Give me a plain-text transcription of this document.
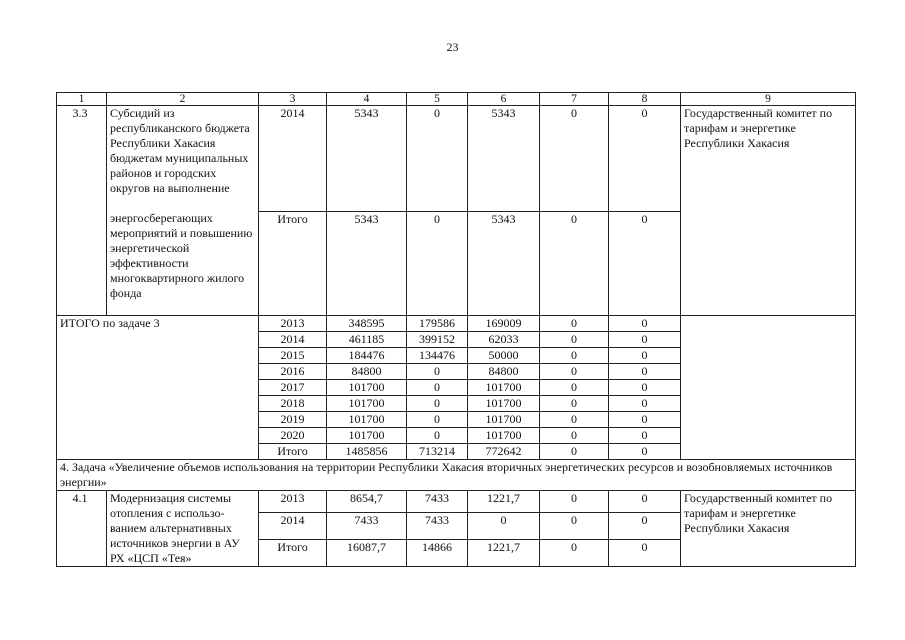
23
1	2	3	4	5	6	7	8	9
3.3	Субсидий из республиканского бюджета Республики Хакасия бюджетам муниципальных районов и городских округов на выполнение	2014	5343	0	5343	0	0	Государственный комитет по тарифам и энергетике Республики Хакасия
	энергосберегающих мероприятий и повышению энергетической эффективности многоквартирного жилого фонда	Итого	5343	0	5343	0	0	
ИТОГО по задаче 3		2013	348595	179586	169009	0	0	
		2014	461185	399152	62033	0	0	
		2015	184476	134476	50000	0	0	
		2016	84800	0	84800	0	0	
		2017	101700	0	101700	0	0	
		2018	101700	0	101700	0	0	
		2019	101700	0	101700	0	0	
		2020	101700	0	101700	0	0	
		Итого	1485856	713214	772642	0	0	
4. Задача «Увеличение объемов использования на территории Республики Хакасия вторичных энергетических ресурсов и возобновляемых источников энергии»								
4.1	Модернизация системы отопления с использо-ванием альтернативных источников энергии в АУ РХ «ЦСП «Тея»	2013	8654,7	7433	1221,7	0	0	Государственный комитет по тарифам и энергетике Республики Хакасия
		2014	7433	7433	0	0	0	
		Итого	16087,7	14866	1221,7	0	0	
